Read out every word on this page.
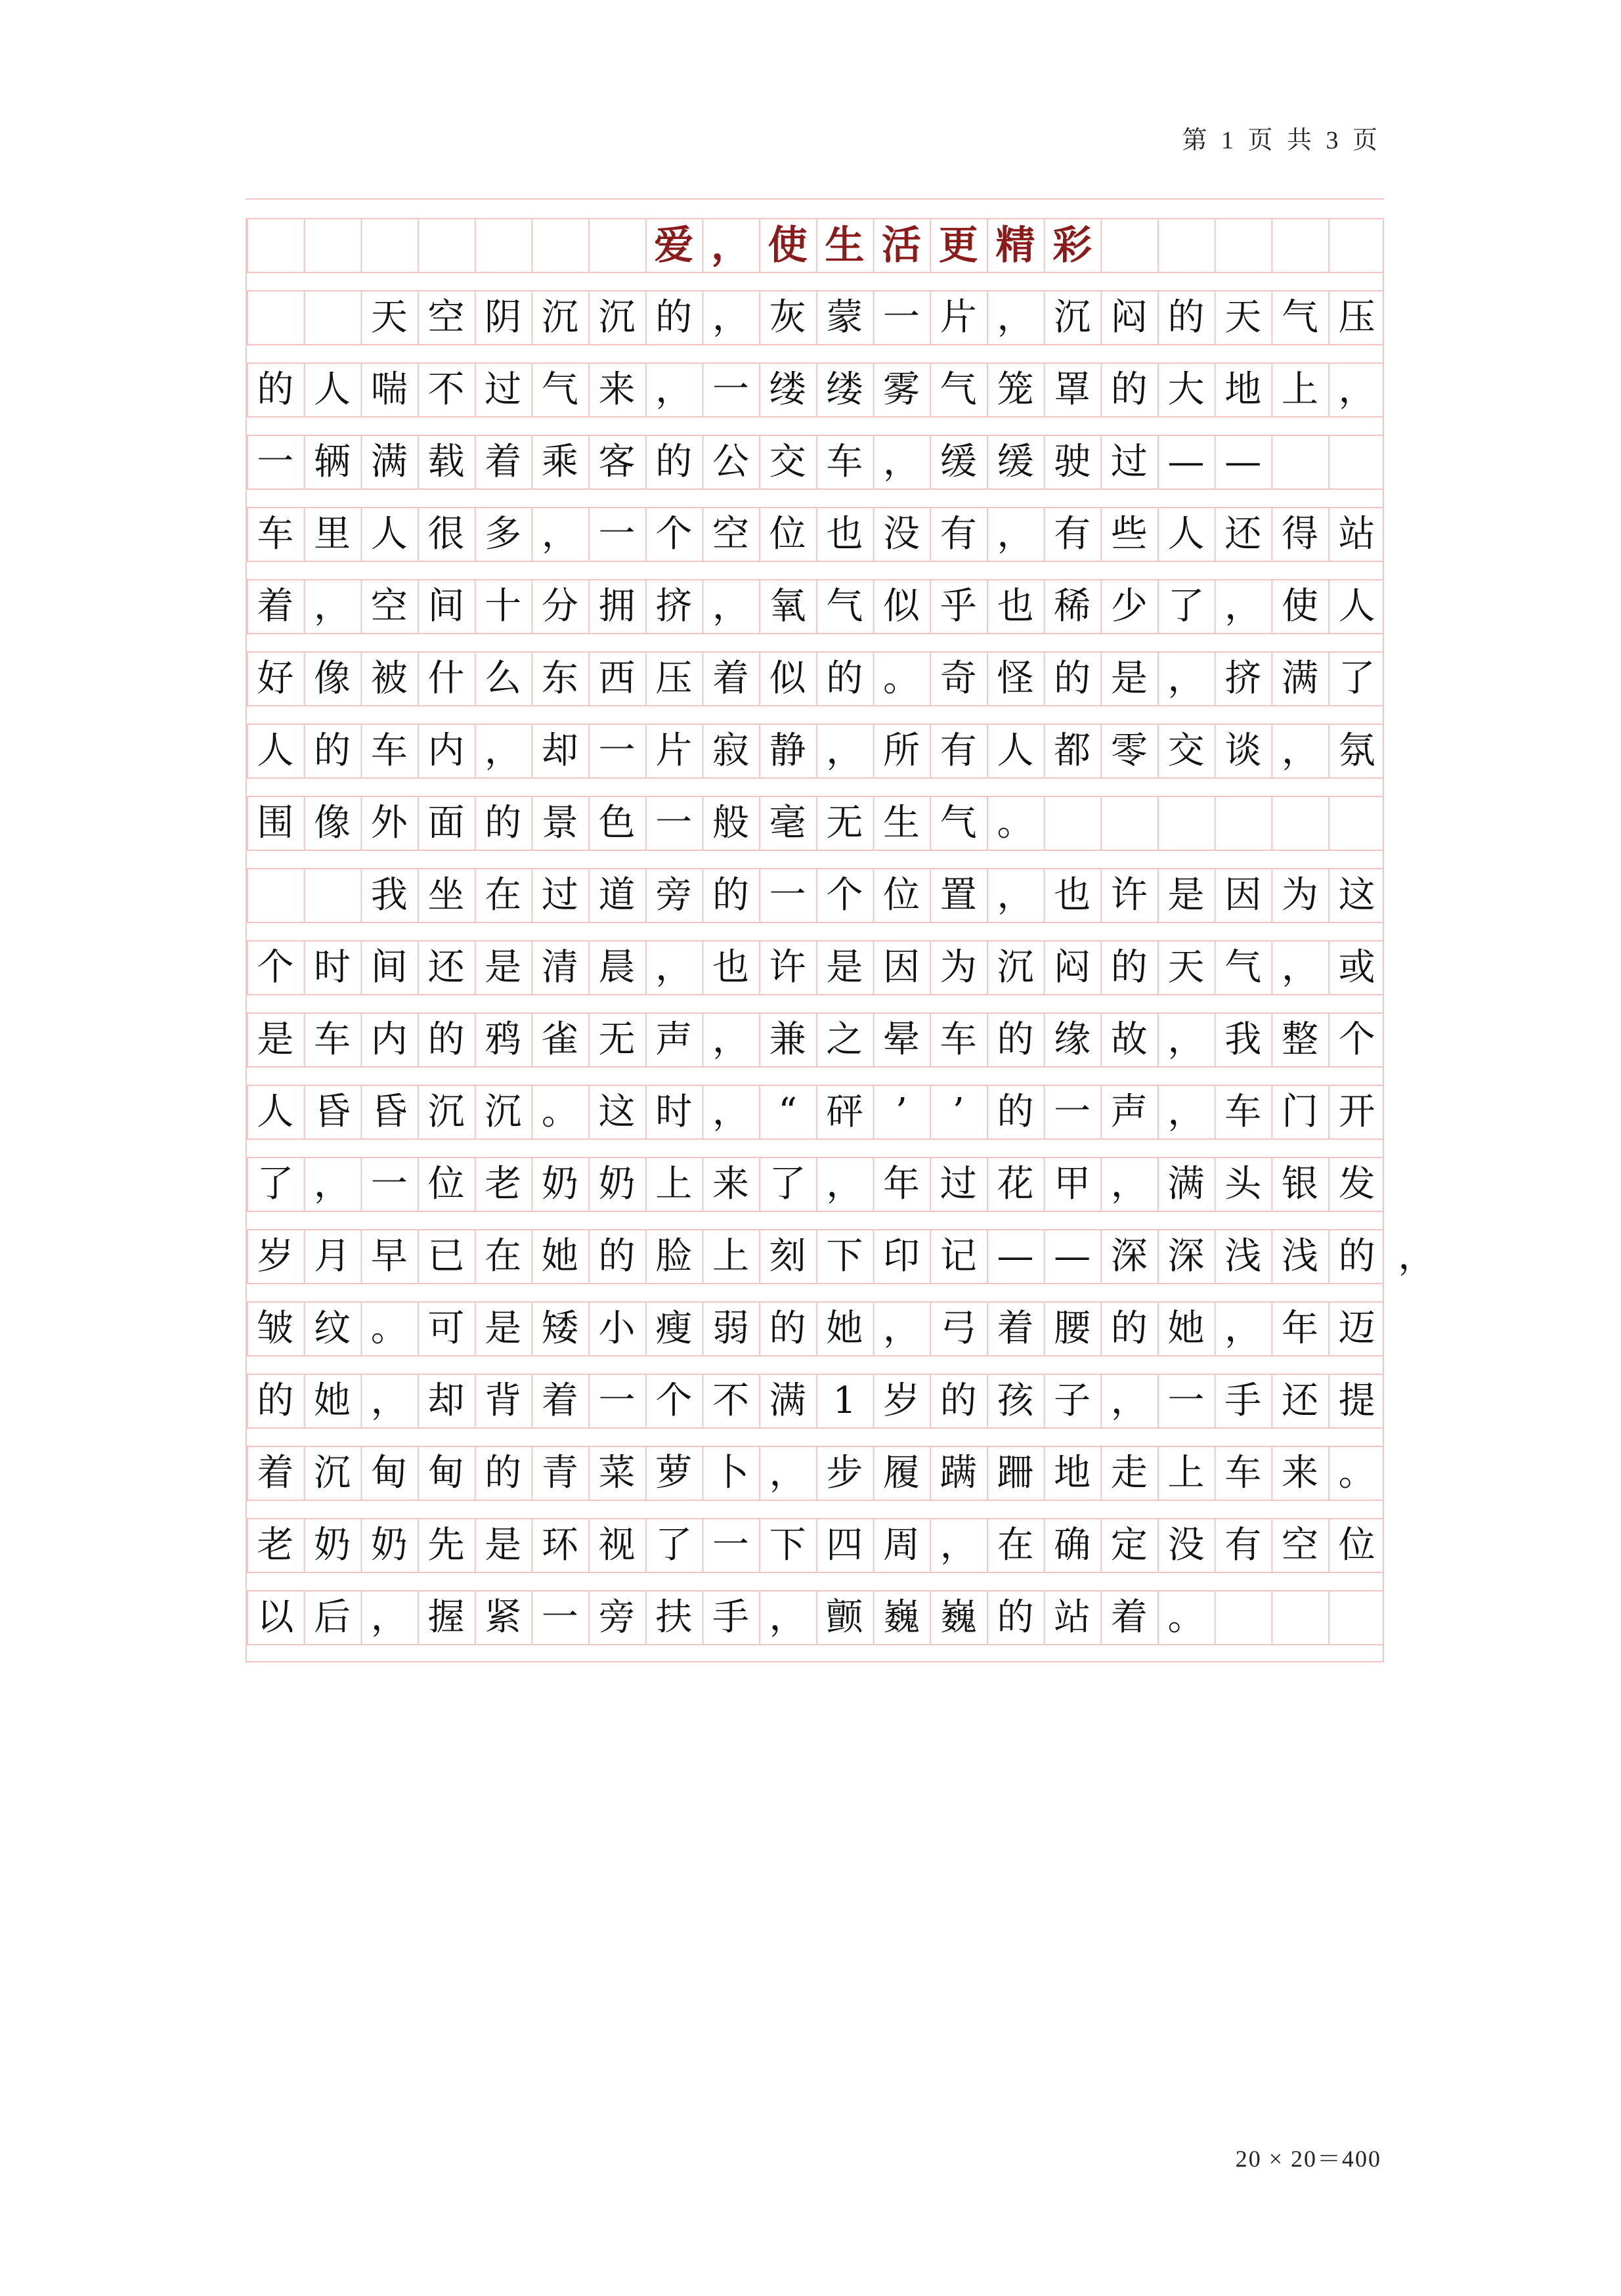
第 1 页 共 3 页
爱 ， 使 生 活 更 精 彩
天 空 阴 沉 沉 的 ， 灰 蒙 一 片 ， 沉 闷 的 天 气 压
的 人 喘 不 过 气 来 ， 一 缕 缕 雾 气 笼 罩 的 大 地 上 ，
一 辆 满 载 着 乘 客 的 公 交 车 ， 缓 缓 驶 过 — —
车 里 人 很 多 ， 一 个 空 位 也 没 有 ， 有 些 人 还 得 站
着 ， 空 间 十 分 拥 挤 ， 氧 气 似 乎 也 稀 少 了 ， 使 人
好 像 被 什 么 东 西 压 着 似 的 。 奇 怪 的 是 ， 挤 满 了
人 的 车 内 ， 却 一 片 寂 静 ， 所 有 人 都 零 交 谈 ， 氛
围 像 外 面 的 景 色 一 般 毫 无 生 气 。
我 坐 在 过 道 旁 的 一 个 位 置 ， 也 许 是 因 为 这
个 时 间 还 是 清 晨 ， 也 许 是 因 为 沉 闷 的 天 气 ， 或
是 车 内 的 鸦 雀 无 声 ， 兼 之 晕 车 的 缘 故 ， 我 整 个
人 昏 昏 沉 沉 。 这 时 ， “ 砰 ’	’ 的 一 声 ， 车 门 开
了 ， 一 位 老 奶 奶 上 来 了 ， 年 过 花 甲 ， 满 头 银 发
岁 月 早 已 在 她 的 脸 上 刻 下 印 记 — — 深 深 浅 浅 的 ，
皱 纹 。 可 是 矮 小 瘦 弱 的 她 ， 弓 着 腰 的 她 ， 年 迈
的 她 ， 却 背 着 一 个 不 满 1 岁 的 孩 子 ， 一 手 还 提
着 沉 甸 甸 的 青 菜 萝 卜 ， 步 履 蹒 跚 地 走 上 车 来 。
老 奶 奶 先 是 环 视 了 一 下 四 周 ， 在 确 定 没 有 空 位
以 后 ， 握 紧 一 旁 扶 手 ， 颤 巍 巍 的 站 着 。
20 × 20＝400
